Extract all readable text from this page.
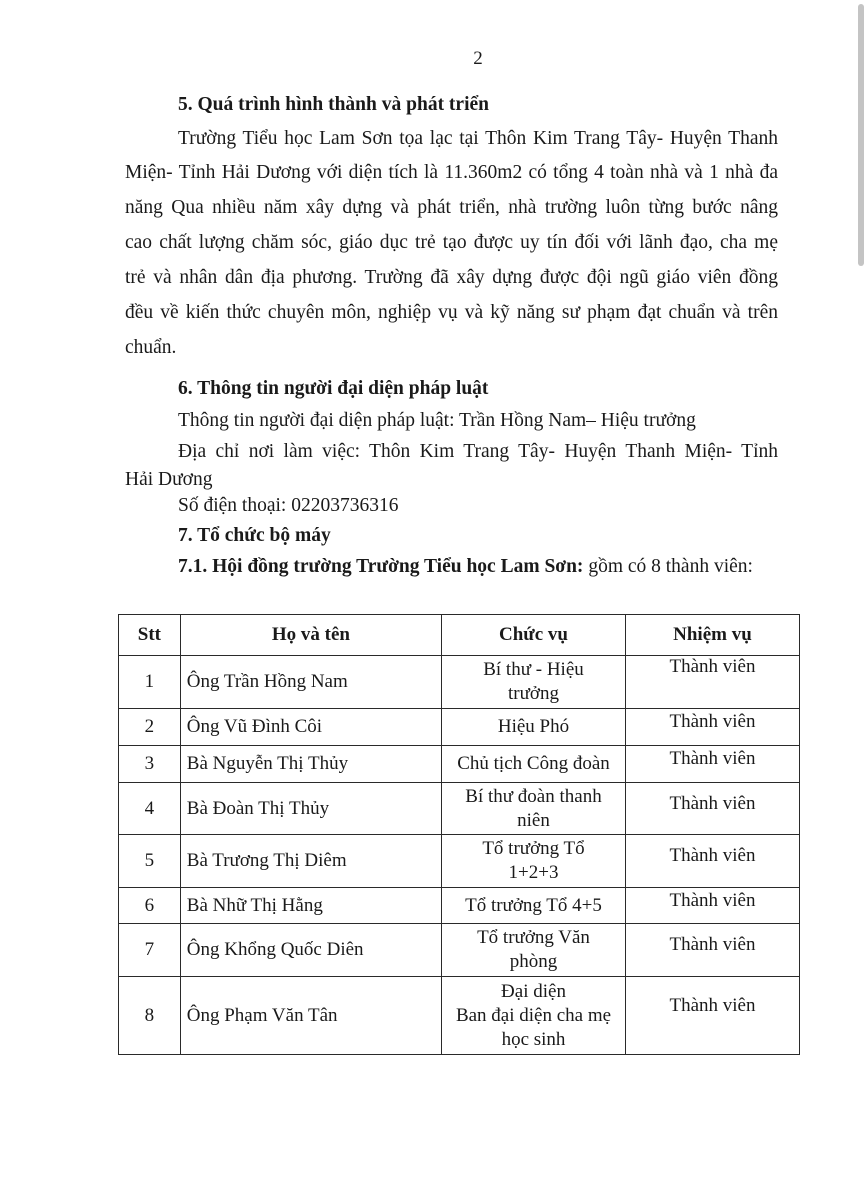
2
5. Quá trình hình thành và phát triển
Trường Tiểu học Lam Sơn tọa lạc tại Thôn Kim Trang Tây- Huyện Thanh
Miện- Tỉnh Hải Dương với diện tích là 11.360m2 có tổng 4 toàn nhà và 1 nhà đa
năng Qua nhiều năm xây dựng và phát triển, nhà trường luôn từng bước nâng
cao chất lượng chăm sóc, giáo dục trẻ tạo được uy tín đối với lãnh đạo, cha mẹ
trẻ và nhân dân địa phương. Trường đã xây dựng được đội ngũ giáo viên đồng
đều về kiến thức chuyên môn, nghiệp vụ và kỹ năng sư phạm đạt chuẩn và trên
chuẩn.
6. Thông tin người đại diện pháp luật
Thông tin người đại diện pháp luật: Trần Hồng Nam– Hiệu trưởng
Địa chỉ nơi làm việc: Thôn Kim Trang Tây- Huyện Thanh Miện- Tỉnh
Hải Dương
Số điện thoại: 02203736316
7. Tổ chức bộ máy
7.1. Hội đồng trường Trường Tiểu học Lam Sơn: gồm có 8 thành viên:
Stt	Họ và tên	Chức vụ	Nhiệm vụ
1	Ông Trần Hồng Nam	Bí thư - Hiệu
trưởng	Thành viên
2	Ông Vũ Đình Côi	Hiệu Phó	Thành viên
3	Bà Nguyễn Thị Thủy	Chủ tịch Công đoàn	Thành viên
4	Bà Đoàn Thị Thủy	Bí thư đoàn thanh
niên	Thành viên
5	Bà Trương Thị Diêm	Tổ trưởng Tổ
1+2+3	Thành viên
6	Bà Nhữ Thị Hằng	Tổ trưởng Tổ 4+5	Thành viên
7	Ông Khổng Quốc Diên	Tổ trưởng Văn
phòng	Thành viên
8	Ông Phạm Văn Tân	Đại diện
Ban đại diện cha mẹ
học sinh	Thành viên
